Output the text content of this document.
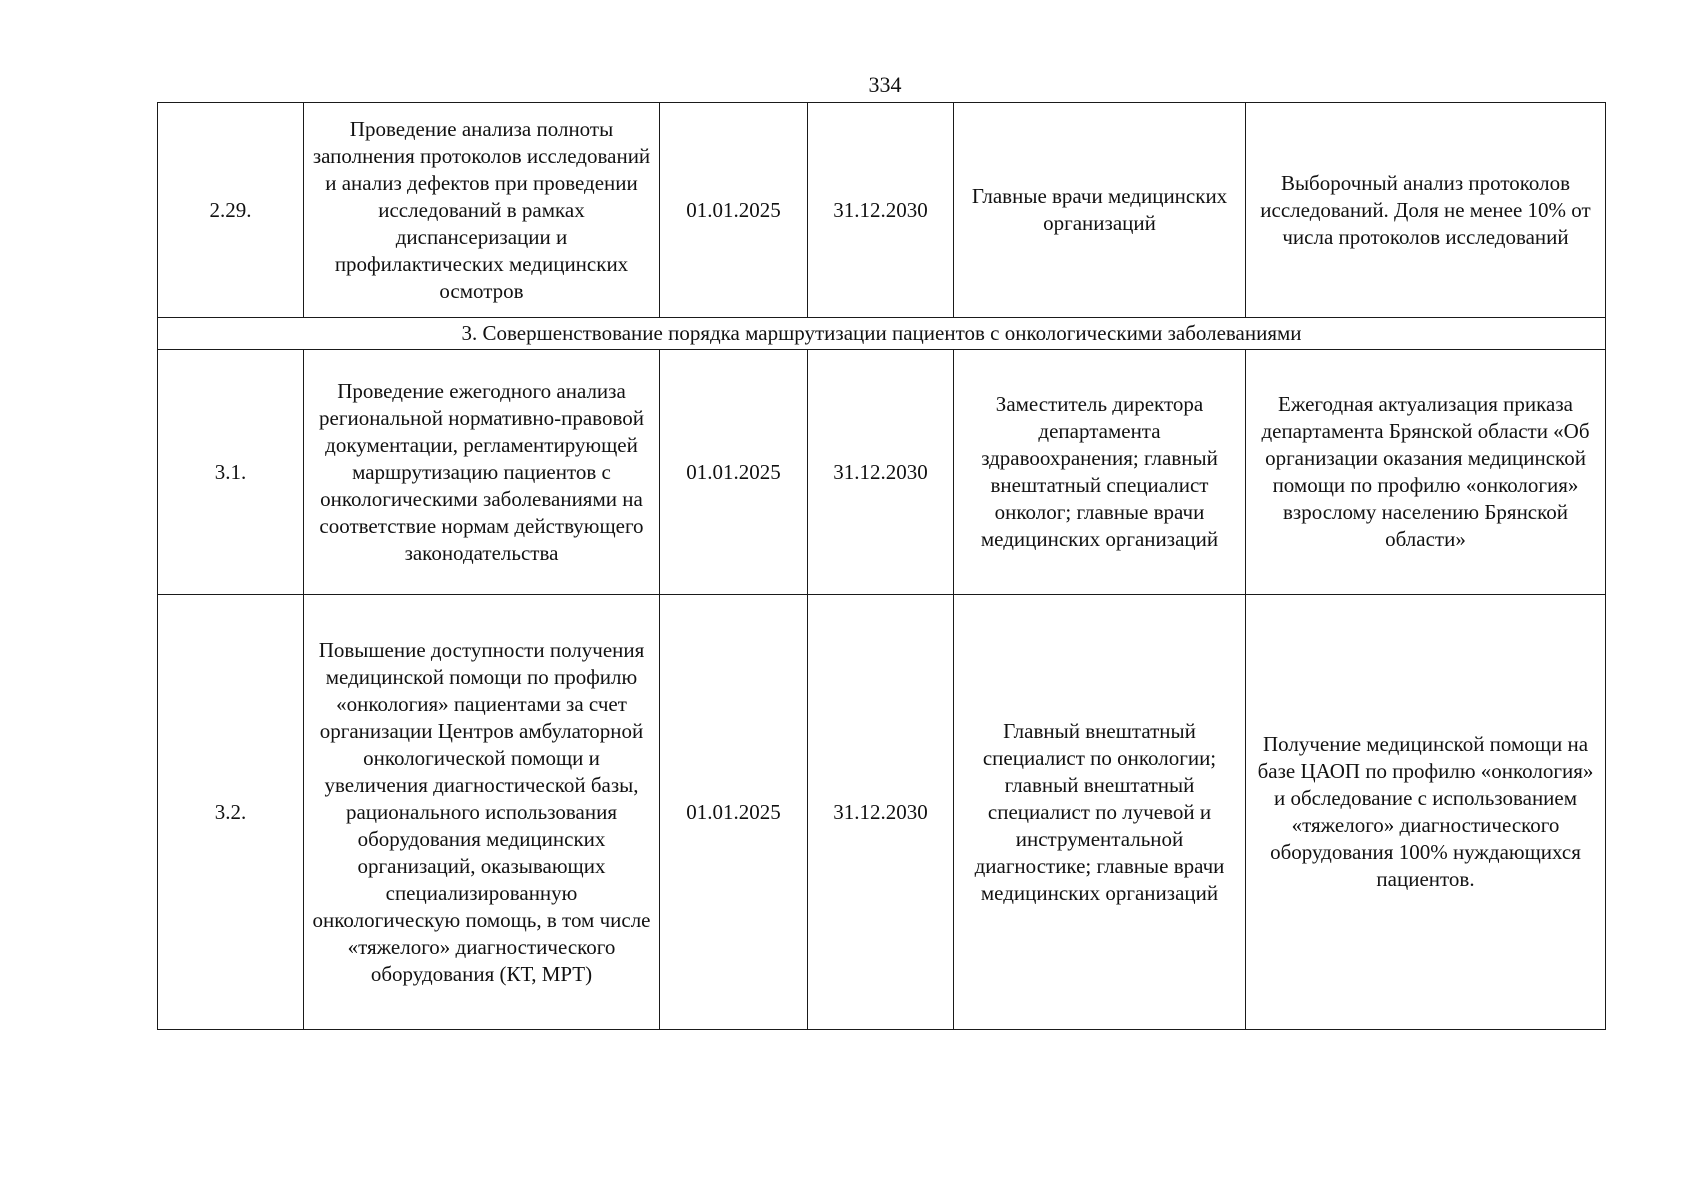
334
2.29.	Проведение анализа полноты заполнения протоколов исследований и анализ дефектов при проведении исследований в рамках диспансеризации и профилактических медицинских осмотров	01.01.2025	31.12.2030	Главные врачи медицинских организаций	Выборочный анализ протоколов исследований. Доля не менее 10% от числа протоколов исследований
3. Совершенствование порядка маршрутизации пациентов с онкологическими заболеваниями					
3.1.	Проведение ежегодного анализа региональной нормативно-правовой документации, регламентирующей маршрутизацию пациентов с онкологическими заболеваниями на соответствие нормам действующего законодательства	01.01.2025	31.12.2030	Заместитель директора департамента здравоохранения; главный внештатный специалист онколог; главные врачи медицинских организаций	Ежегодная актуализация приказа департамента Брянской области «Об организации оказания медицинской помощи по профилю «онкология» взрослому населению Брянской области»
3.2.	Повышение доступности получения медицинской помощи по профилю «онкология» пациентами за счет организации Центров амбулаторной онкологической помощи и увеличения диагностической базы, рационального использования оборудования медицинских организаций, оказывающих специализированную онкологическую помощь, в том числе «тяжелого» диагностического оборудования (КТ, МРТ)	01.01.2025	31.12.2030	Главный внештатный специалист по онкологии; главный внештатный специалист по лучевой и инструментальной диагностике; главные врачи медицинских организаций	Получение медицинской помощи на базе ЦАОП по профилю «онкология» и обследование с использованием «тяжелого» диагностического оборудования 100% нуждающихся пациентов.
